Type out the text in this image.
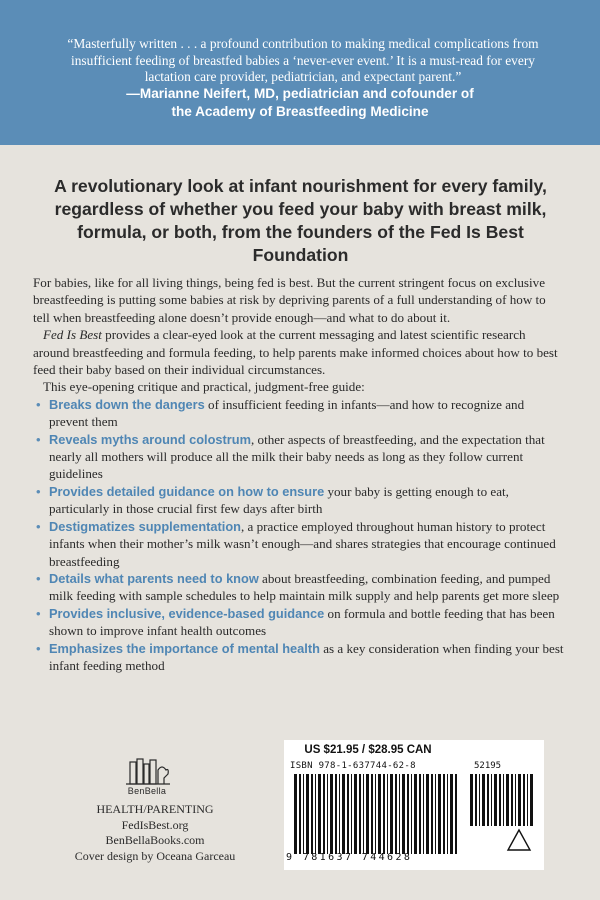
“Masterfully written . . . a profound contribution to making medical complications from insufficient feeding of breastfed babies a ‘never-ever event.’ It is a must-read for every lactation care provider, pediatrician, and expectant parent.”
—Marianne Neifert, MD, pediatrician and cofounder of
the Academy of Breastfeeding Medicine
A revolutionary look at infant nourishment for every family, regardless of whether you feed your baby with breast milk, formula, or both, from the founders of the Fed Is Best Foundation

For babies, like for all living things, being fed is best. But the current stringent focus on exclusive breastfeeding is putting some babies at risk by depriving parents of a full understanding of how to tell when breastfeeding alone doesn’t provide enough—and what to do about it.

Fed Is Best provides a clear-eyed look at the current messaging and latest scientific research around breastfeeding and formula feeding, to help parents make informed choices about how to best feed their baby based on their individual circumstances.

This eye-opening critique and practical, judgment-free guide:

• Breaks down the dangers of insufficient feeding in infants—and how to recognize and prevent them
• Reveals myths around colostrum, other aspects of breastfeeding, and the expectation that nearly all mothers will produce all the milk their baby needs as long as they follow current guidelines
• Provides detailed guidance on how to ensure your baby is getting enough to eat, particularly in those crucial first few days after birth
• Destigmatizes supplementation, a practice employed throughout human history to protect infants when their mother’s milk wasn’t enough—and shares strategies that encourage continued breastfeeding
• Details what parents need to know about breastfeeding, combination feeding, and pumped milk feeding with sample schedules to help maintain milk supply and help parents get more sleep
• Provides inclusive, evidence-based guidance on formula and bottle feeding that has been shown to improve infant health outcomes
• Emphasizes the importance of mental health as a key consideration when finding your best infant feeding method
BenBella
HEALTH/PARENTING
FedIsBest.org
BenBellaBooks.com
Cover design by Oceana Garceau
US $21.95 / $28.95 CAN
ISBN 978-1-637744-62-8	52195
9 781637 744628
